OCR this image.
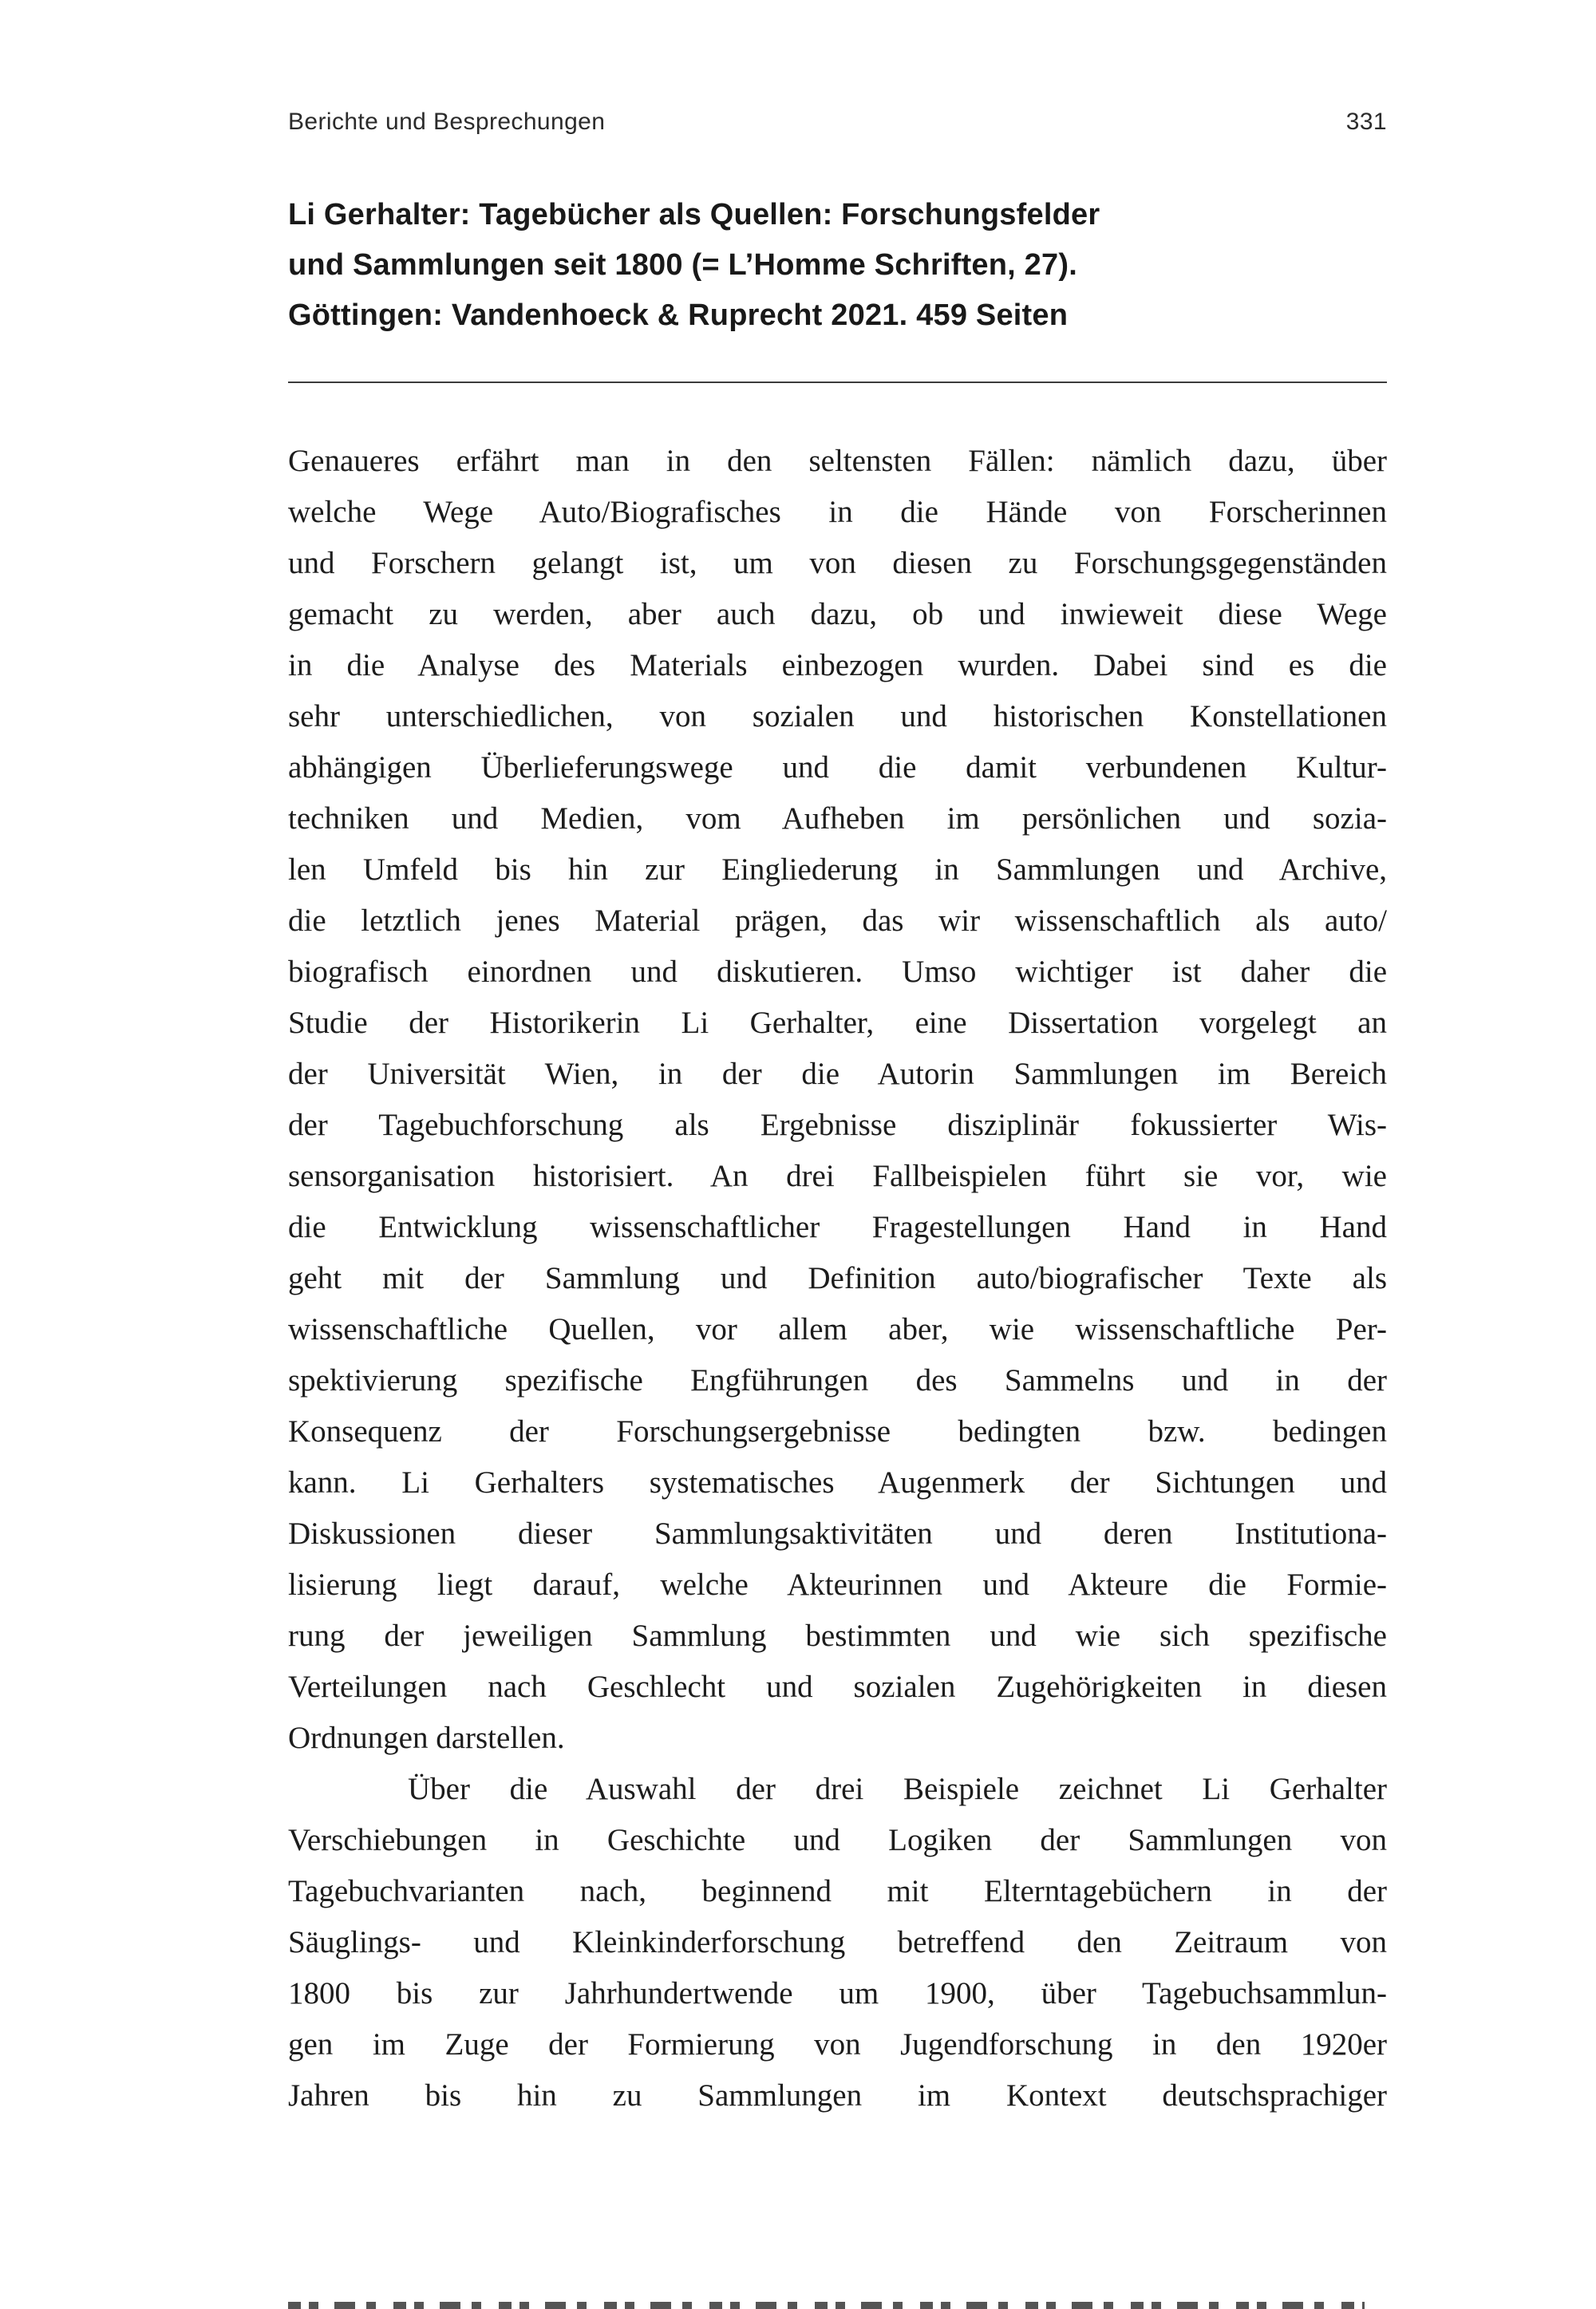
Berichte und Besprechungen	331
Li Gerhalter: Tagebücher als Quellen: Forschungsfelder
und Sammlungen seit 1800 (= L’Homme Schriften, 27).
Göttingen: Vandenhoeck & Ruprecht 2021. 459 Seiten
Genaueres erfährt man in den seltensten Fällen: nämlich dazu, über
welche Wege Auto/Biografisches in die Hände von Forscherinnen
und Forschern gelangt ist, um von diesen zu Forschungsgegenständen
gemacht zu werden, aber auch dazu, ob und inwieweit diese Wege
in die Analyse des Materials einbezogen wurden. Dabei sind es die
sehr unterschiedlichen, von sozialen und historischen Konstellationen
abhängigen Überlieferungswege und die damit verbundenen Kultur-
techniken und Medien, vom Aufheben im persönlichen und sozia-
len Umfeld bis hin zur Eingliederung in Sammlungen und Archive,
die letztlich jenes Material prägen, das wir wissenschaftlich als auto/
biografisch einordnen und diskutieren. Umso wichtiger ist daher die
Studie der Historikerin Li Gerhalter, eine Dissertation vorgelegt an
der Universität Wien, in der die Autorin Sammlungen im Bereich
der Tagebuchforschung als Ergebnisse disziplinär fokussierter Wis-
sensorganisation historisiert. An drei Fallbeispielen führt sie vor, wie
die Entwicklung wissenschaftlicher Fragestellungen Hand in Hand
geht mit der Sammlung und Definition auto/biografischer Texte als
wissenschaftliche Quellen, vor allem aber, wie wissenschaftliche Per-
spektivierung spezifische Engführungen des Sammelns und in der
Konsequenz der Forschungsergebnisse bedingten bzw. bedingen
kann. Li Gerhalters systematisches Augenmerk der Sichtungen und
Diskussionen dieser Sammlungsaktivitäten und deren Institutiona-
lisierung liegt darauf, welche Akteurinnen und Akteure die Formie-
rung der jeweiligen Sammlung bestimmten und wie sich spezifische
Verteilungen nach Geschlecht und sozialen Zugehörigkeiten in diesen
Ordnungen darstellen.
Über die Auswahl der drei Beispiele zeichnet Li Gerhalter
Verschiebungen in Geschichte und Logiken der Sammlungen von
Tagebuchvarianten nach, beginnend mit Elterntagebüchern in der
Säuglings- und Kleinkinderforschung betreffend den Zeitraum von
1800 bis zur Jahrhundertwende um 1900, über Tagebuchsammlun-
gen im Zuge der Formierung von Jugendforschung in den 1920er
Jahren bis hin zu Sammlungen im Kontext deutschsprachiger
